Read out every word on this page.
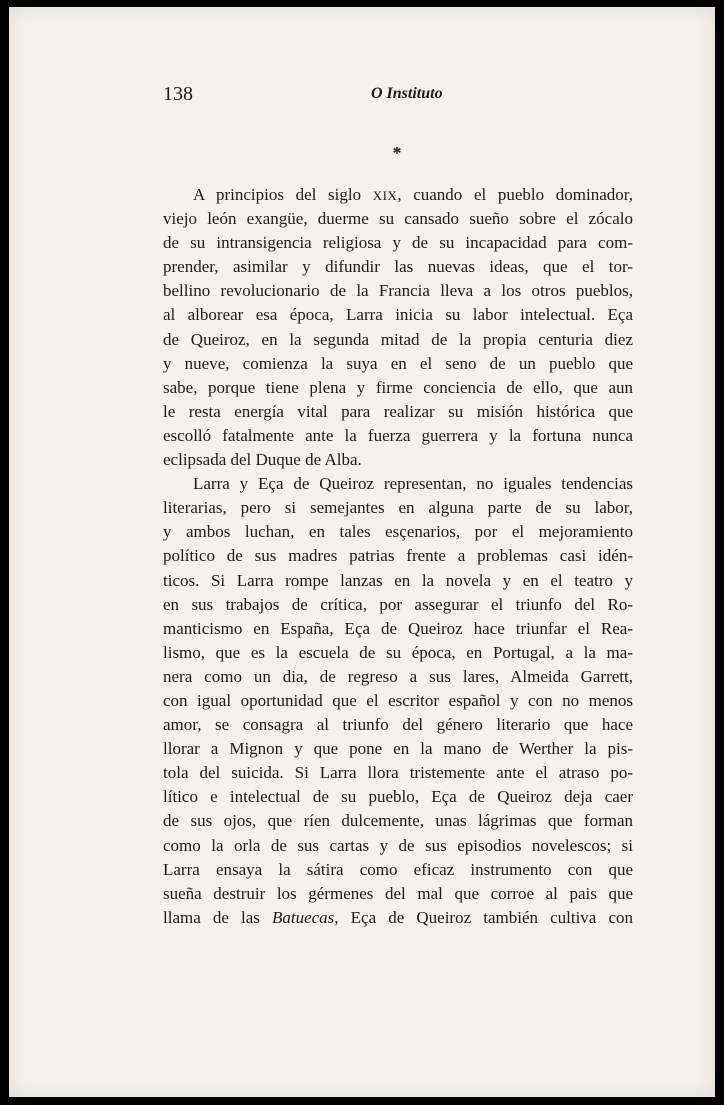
138	O Instituto
*

A principios del siglo XIX, cuando el pueblo dominador,
viejo león exangüe, duerme su cansado sueño sobre el zócalo
de su intransigencia religiosa y de su incapacidad para com-
prender, asimilar y difundir las nuevas ideas, que el tor-
bellino revolucionario de la Francia lleva a los otros pueblos,
al alborear esa época, Larra inicia su labor intelectual. Eça
de Queiroz, en la segunda mitad de la propia centuria diez
y nueve, comienza la suya en el seno de un pueblo que
sabe, porque tiene plena y firme conciencia de ello, que aun
le resta energía vital para realizar su misión histórica que
escolló fatalmente ante la fuerza guerrera y la fortuna nunca
eclipsada del Duque de Alba.

Larra y Eça de Queiroz representan, no iguales tendencias
literarias, pero si semejantes en alguna parte de su labor,
y ambos luchan, en tales esçenarios, por el mejoramiento
político de sus madres patrias frente a problemas casi idén-
ticos. Si Larra rompe lanzas en la novela y en el teatro y
en sus trabajos de crítica, por assegurar el triunfo del Ro-
manticismo en España, Eça de Queiroz hace triunfar el Rea-
lismo, que es la escuela de su época, en Portugal, a la ma-
nera como un dia, de regreso a sus lares, Almeida Garrett,
con igual oportunidad que el escritor español y con no menos
amor, se consagra al triunfo del género literario que hace
llorar a Mignon y que pone en la mano de Werther la pis-
tola del suicida. Si Larra llora tristemente ante el atraso po-
lítico e intelectual de su pueblo, Eça de Queiroz deja caer
de sus ojos, que ríen dulcemente, unas lágrimas que forman
como la orla de sus cartas y de sus episodios novelescos; si
Larra ensaya la sátira como eficaz instrumento con que
sueña destruir los gérmenes del mal que corroe al pais que
llama de las Batuecas, Eça de Queiroz también cultiva con
